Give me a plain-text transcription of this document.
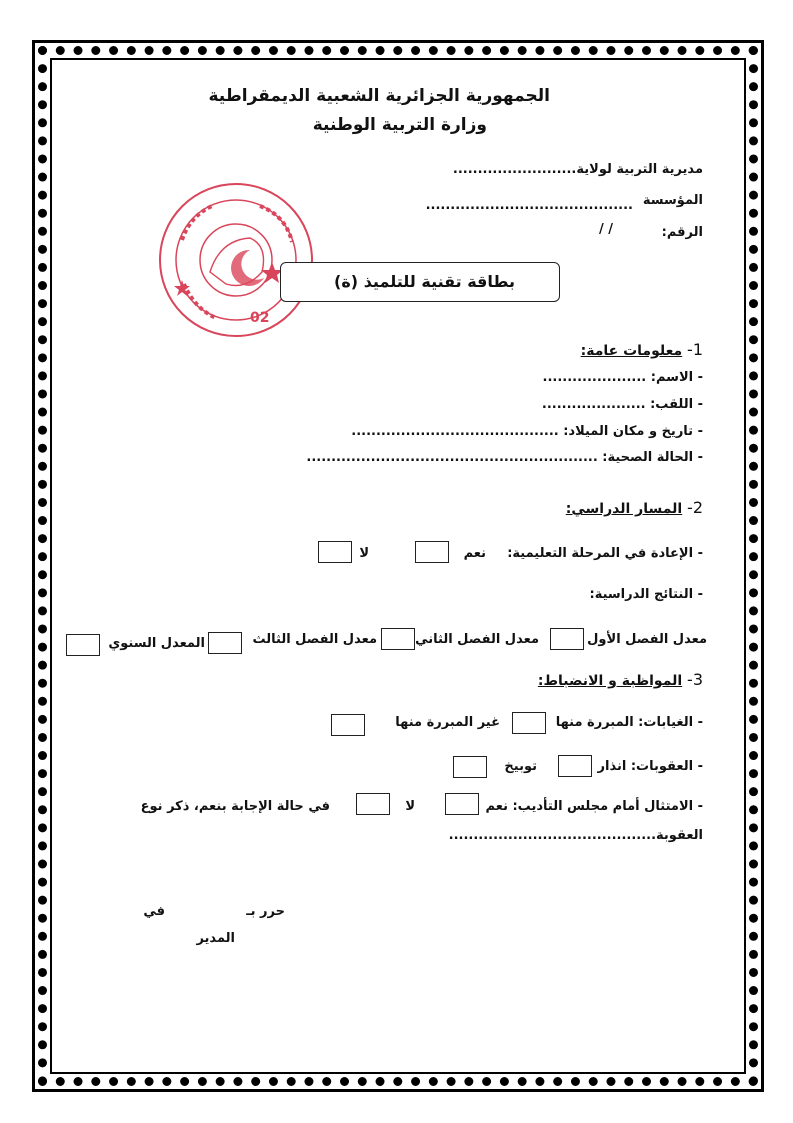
الجمهورية الجزائرية الشعبية الديمقراطية
وزارة التربية الوطنية
مديرية التربية لولاية.........................
المؤسسة
..........................................
الرقم:
/ /
02
بطاقة تقنية للتلميذ (ة)
1- معلومات عامة:
- الاسم: .....................
- اللقب: .....................
- تاريخ و مكان الميلاد: ..........................................
- الحالة الصحية: ...........................................................
2- المسار الدراسي:
- الإعادة في المرحلة التعليمية:
نعم
لا
- النتائج الدراسية:
معدل الفصل الأول
معدل الفصل الثاني
معدل الفصل الثالث
المعدل السنوي
3- المواظبة و الانضباط:
- الغيابات: المبررة منها
غير المبررة منها
- العقوبات: انذار
توبيخ
- الامتثال أمام مجلس التأديب: نعم
لا
في حالة الإجابة بنعم، ذكر نوع
العقوبة..........................................
حرر بـ
في
المدير
